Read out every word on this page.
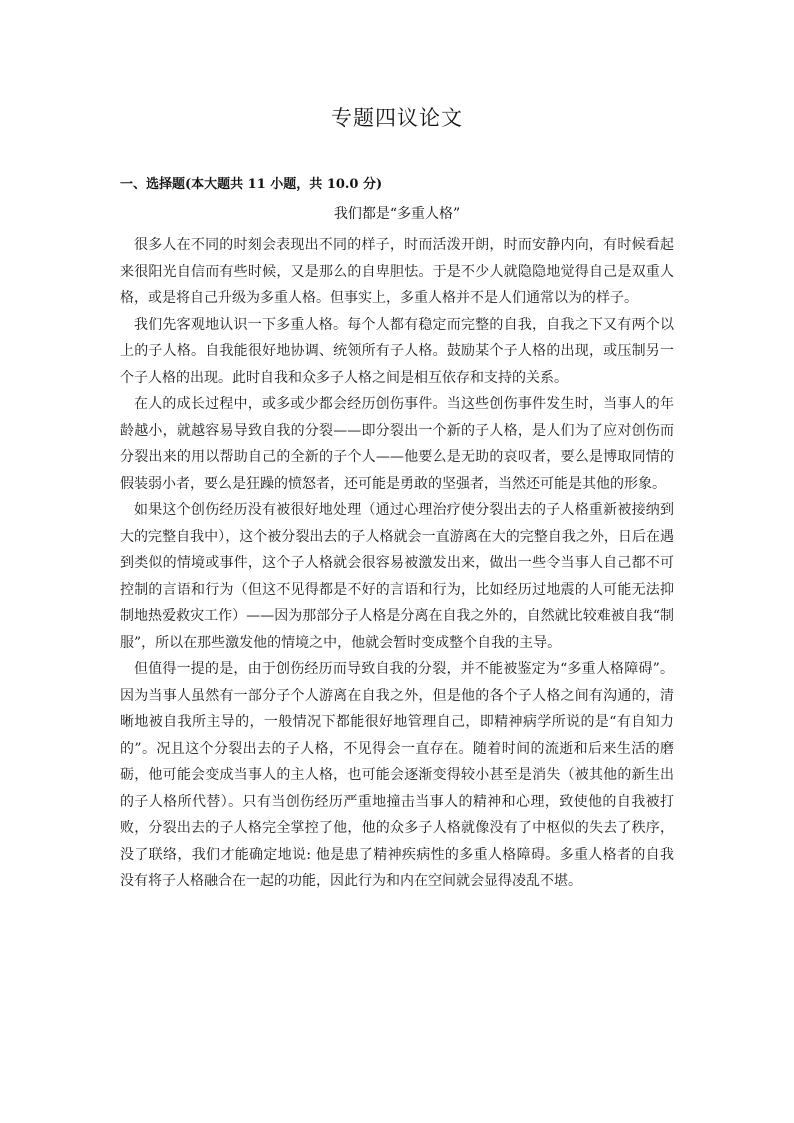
专题四议论文
一、选择题(本大题共 11 小题，共 10.0 分)
我们都是“多重人格”

很多人在不同的时刻会表现出不同的样子，时而活泼开朗，时而安静内向，有时候看起来很阳光自信而有些时候，又是那么的自卑胆怯。于是不少人就隐隐地觉得自己是双重人格，或是将自己升级为多重人格。但事实上，多重人格并不是人们通常以为的样子。

我们先客观地认识一下多重人格。每个人都有稳定而完整的自我，自我之下又有两个以上的子人格。自我能很好地协调、统领所有子人格。鼓励某个子人格的出现，或压制另一个子人格的出现。此时自我和众多子人格之间是相互依存和支持的关系。

在人的成长过程中，或多或少都会经历创伤事件。当这些创伤事件发生时，当事人的年龄越小，就越容易导致自我的分裂——即分裂出一个新的子人格，是人们为了应对创伤而分裂出来的用以帮助自己的全新的子个人——他要么是无助的哀叹者，要么是博取同情的假装弱小者，要么是狂躁的愤怒者，还可能是勇敢的坚强者，当然还可能是其他的形象。

如果这个创伤经历没有被很好地处理（通过心理治疗使分裂出去的子人格重新被接纳到大的完整自我中），这个被分裂出去的子人格就会一直游离在大的完整自我之外，日后在遇到类似的情境或事件，这个子人格就会很容易被激发出来，做出一些令当事人自己都不可控制的言语和行为（但这不见得都是不好的言语和行为，比如经历过地震的人可能无法抑制地热爱救灾工作）——因为那部分子人格是分离在自我之外的，自然就比较难被自我“制服”，所以在那些激发他的情境之中，他就会暂时变成整个自我的主导。

但值得一提的是，由于创伤经历而导致自我的分裂，并不能被鉴定为“多重人格障碍”。因为当事人虽然有一部分子个人游离在自我之外，但是他的各个子人格之间有沟通的，清晰地被自我所主导的，一般情况下都能很好地管理自己，即精神病学所说的是“有自知力的”。况且这个分裂出去的子人格，不见得会一直存在。随着时间的流逝和后来生活的磨砺，他可能会变成当事人的主人格，也可能会逐渐变得较小甚至是消失（被其他的新生出的子人格所代替）。只有当创伤经历严重地撞击当事人的精神和心理，致使他的自我被打败，分裂出去的子人格完全掌控了他，他的众多子人格就像没有了中枢似的失去了秩序，没了联络，我们才能确定地说: 他是患了精神疾病性的多重人格障碍。多重人格者的自我没有将子人格融合在一起的功能，因此行为和内在空间就会显得凌乱不堪。
